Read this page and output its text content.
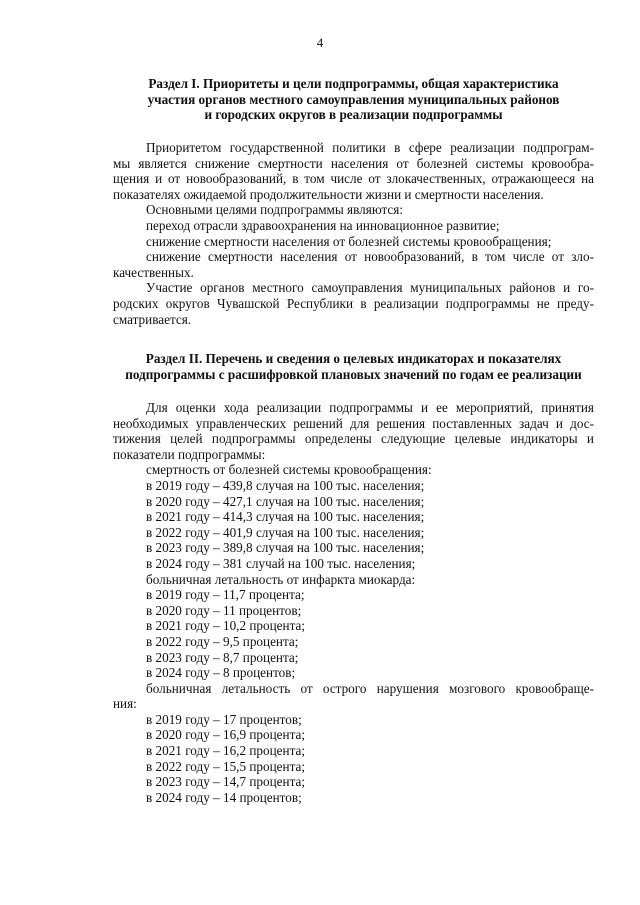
4
Раздел I. Приоритеты и цели подпрограммы, общая характеристика
участия органов местного самоуправления муниципальных районов
и городских округов в реализации подпрограммы
Приоритетом государственной политики в сфере реализации подпрограм-
мы является снижение смертности населения от болезней системы кровообра-
щения и от новообразований, в том числе от злокачественных, отражающееся на
показателях ожидаемой продолжительности жизни и смертности населения.
Основными целями подпрограммы являются:
переход отрасли здравоохранения на инновационное развитие;
снижение смертности населения от болезней системы кровообращения;
снижение смертности населения от новообразований, в том числе от зло-
качественных.
Участие органов местного самоуправления муниципальных районов и го-
родских округов Чувашской Республики в реализации подпрограммы не преду-
сматривается.
Раздел II. Перечень и сведения о целевых индикаторах и показателях
подпрограммы с расшифровкой плановых значений по годам ее реализации
Для оценки хода реализации подпрограммы и ее мероприятий, принятия
необходимых управленческих решений для решения поставленных задач и дос-
тижения целей подпрограммы определены следующие целевые индикаторы и
показатели подпрограммы:
смертность от болезней системы кровообращения:
в 2019 году – 439,8 случая на 100 тыс. населения;
в 2020 году – 427,1 случая на 100 тыс. населения;
в 2021 году – 414,3 случая на 100 тыс. населения;
в 2022 году – 401,9 случая на 100 тыс. населения;
в 2023 году – 389,8 случая на 100 тыс. населения;
в 2024 году – 381 случай на 100 тыс. населения;
больничная летальность от инфаркта миокарда:
в 2019 году – 11,7 процента;
в 2020 году – 11 процентов;
в 2021 году – 10,2 процента;
в 2022 году – 9,5 процента;
в 2023 году – 8,7 процента;
в 2024 году – 8 процентов;
больничная летальность от острого нарушения мозгового кровообраще-
ния:
в 2019 году – 17 процентов;
в 2020 году – 16,9 процента;
в 2021 году – 16,2 процента;
в 2022 году – 15,5 процента;
в 2023 году – 14,7 процента;
в 2024 году – 14 процентов;
